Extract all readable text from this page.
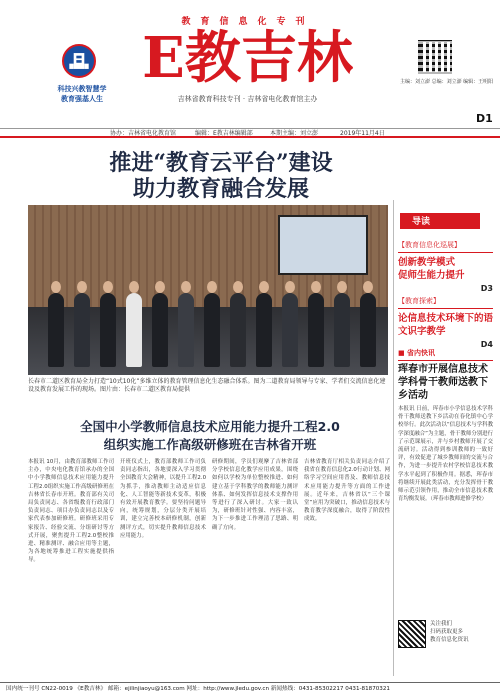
科技兴教智慧学
教育强基人生
教育信息化专刊
E教吉林
吉林省教育科技专刊 · 吉林省电化教育馆主办
主编：刘立澎 总编：刘立澎 编辑：王明阳
D1
协办：吉林省电化教育馆	编辑：E教吉林编辑部	本期主编：刘立澎	2019年11月4日
推进“教育云平台”建设
助力教育融合发展
长春市二道区教育局全力打造“10式10化”多维立体的教育管理信息化生态融合体系。图为二道教育局领导与专家、学者们交流信息化建设及教育发展工作的现场。图片由：长春市二道区教育局提供
全国中小学教师信息技术应用能力提升工程2.0
组织实施工作高级研修班在吉林省开班
本报讯 10月，由教育部教师工作司主办，中央电化教育馆承办的全国中小学教师信息技术应用能力提升工程2.0组织实施工作高级研修班在吉林省长春市开班。教育部有关司局负责同志、各省级教育行政部门负责同志、项目办负责同志以及专家代表参加研修班。研修班采用专家报告、经验交流、分组研讨等方式开展，聚焦提升工程2.0整校推进、精准测评、融合应用等主题，为各地统筹推进工程实施提供指导。
开班仪式上，教育部教师工作司负责同志指出，各地要深入学习贯彻全国教育大会精神，以提升工程2.0为抓手，推动教师主动适应信息化、人工智能等新技术变革，积极有效开展教育教学。要坚持问题导向，统筹规划，分层分类开展培训，建立完善校本研修机制，创新测评方式，切实提升教师信息技术应用能力。
研修期间，学员们观摩了吉林省部分学校信息化教学应用成果，围绕如何以学校为单位整校推进、如何建立基于学科教学的教师能力测评体系、如何发挥信息技术支撑作用等进行了深入研讨。大家一致认为，研修班针对性强、内容丰富，为下一步推进工作理清了思路、明确了方向。
吉林省教育厅相关负责同志介绍了我省在教育信息化2.0行动计划、网络学习空间应用普及、教师信息技术应用能力提升等方面的工作进展。近年来，吉林省以“三个课堂”应用为突破口，推动信息技术与教育教学深度融合，取得了阶段性成效。
导读
【教育信息化巡展】
创新教学模式
促师生能力提升
D3
【教育探索】
论信息技术环境下的语文识字教学
D4
■ 省内快讯
珲春市开展信息技术学科骨干教师送教下乡活动
本报讯 日前，珲春市小学信息技术学科骨干教师送教下乡活动在春化镇中心学校举行。此次活动以“信息技术与学科教学深度融合”为主题，骨干教师分别进行了示范课展示，并与乡村教师开展了交流研讨。活动得到参训教师的一致好评，有效促进了城乡教师间的交流与合作，为进一步提升农村学校信息技术教学水平起到了积极作用。据悉，珲春市将继续开展此类活动，充分发挥骨干教师示范引领作用，推动全市信息技术教育均衡发展。（珲春市教师进修学校）
关注我们
扫码获取更多
教育信息化资讯
国内统一刊号 CN22-0019 《E教吉林》 邮箱：ejilinjiaoyu@163.com 网址：http://www.jledu.gov.cn 新闻热线：0431-85302217 0431-81870321
